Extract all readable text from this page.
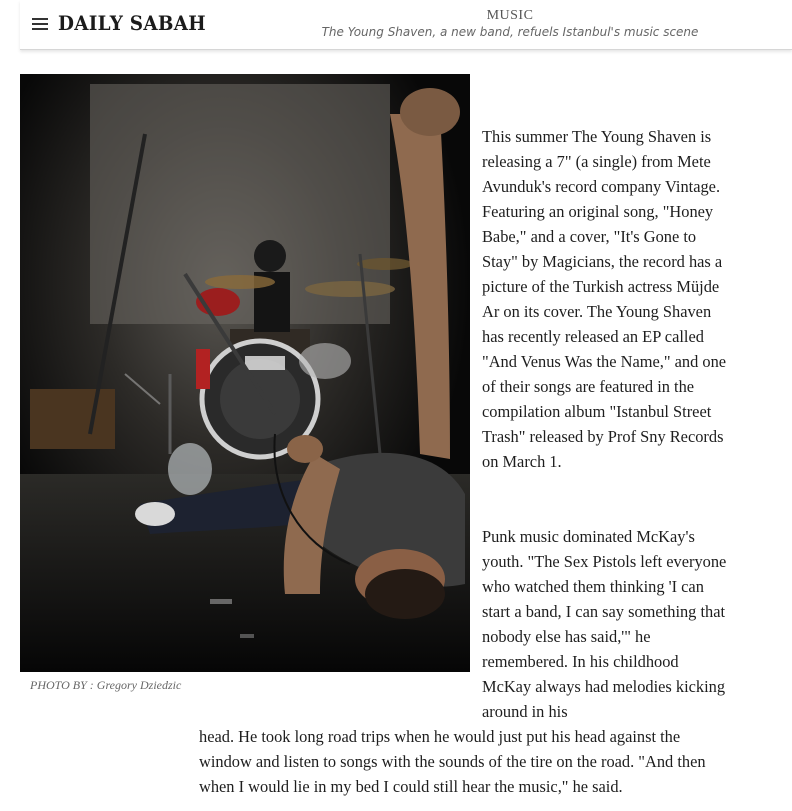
DAILY SABAH	MUSIC
The Young Shaven, a new band, refuels Istanbul's music scene
PHOTO BY : Gregory Dziedzic

This summer The Young Shaven is releasing a 7" (a single) from Mete Avunduk's record company Vintage. Featuring an original song, "Honey Babe," and a cover, "It's Gone to Stay" by Magicians, the record has a picture of the Turkish actress Müjde Ar on its cover. The Young Shaven has recently released an EP called "And Venus Was the Name," and one of their songs are featured in the compilation album "Istanbul Street Trash" released by Prof Sny Records on March 1.

Punk music dominated McKay's youth. "The Sex Pistols left everyone who watched them thinking 'I can start a band, I can say something that nobody else has said,'" he remembered. In his childhood McKay always had melodies kicking around in his

head. He took long road trips when he would just put his head against the window and listen to songs with the sounds of the tire on the road. "And then when I would lie in my bed I could still hear the music," he said.
